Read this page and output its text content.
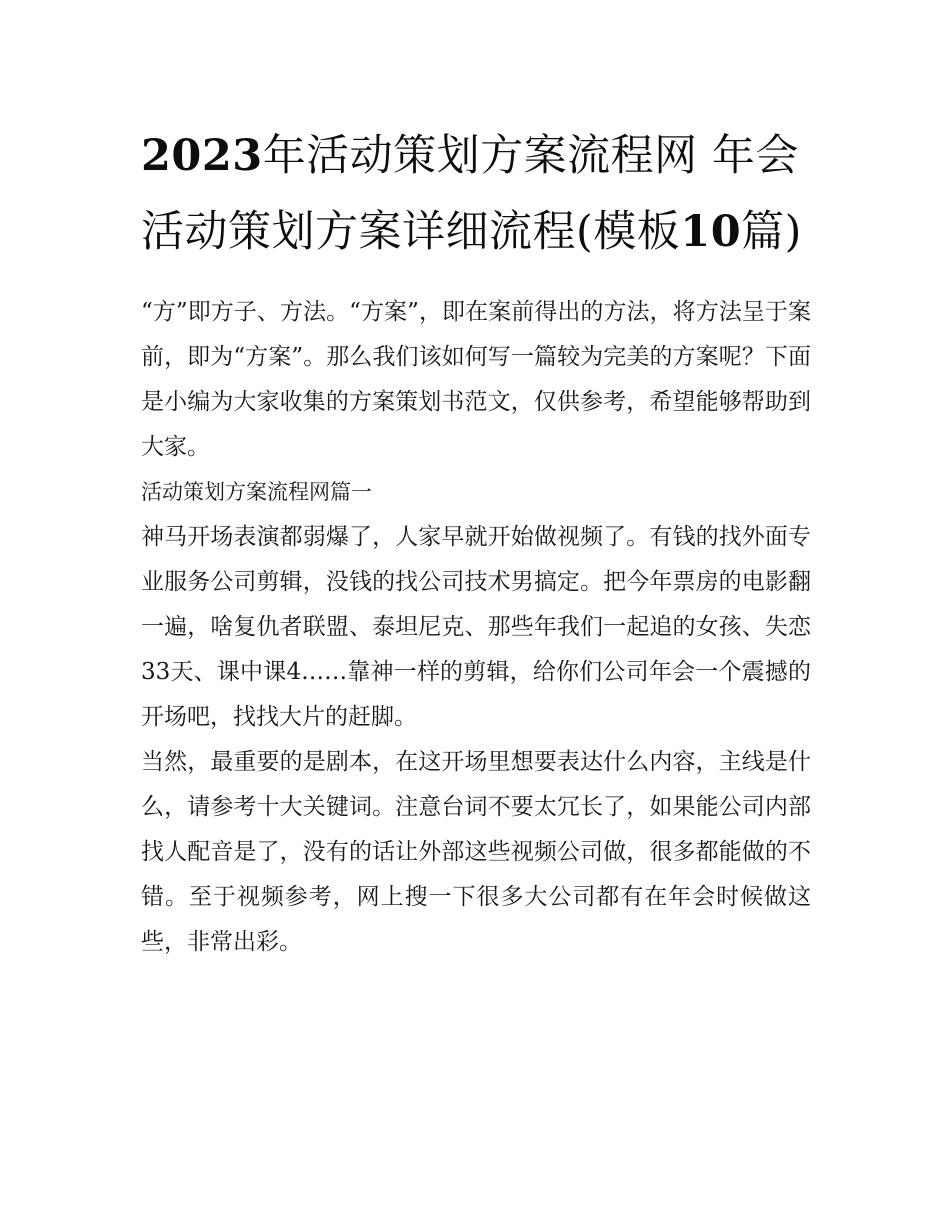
2023年活动策划方案流程网 年会活动策划方案详细流程(模板10篇)

“方”即方子、方法。“方案”，即在案前得出的方法，将方法呈于案前，即为“方案”。那么我们该如何写一篇较为完美的方案呢？下面是小编为大家收集的方案策划书范文，仅供参考，希望能够帮助到大家。

活动策划方案流程网篇一

神马开场表演都弱爆了，人家早就开始做视频了。有钱的找外面专业服务公司剪辑，没钱的找公司技术男搞定。把今年票房的电影翻一遍，啥复仇者联盟、泰坦尼克、那些年我们一起追的女孩、失恋33天、课中课4……靠神一样的剪辑，给你们公司年会一个震撼的开场吧，找找大片的赶脚。

当然，最重要的是剧本，在这开场里想要表达什么内容，主线是什么，请参考十大关键词。注意台词不要太冗长了，如果能公司内部找人配音是了，没有的话让外部这些视频公司做，很多都能做的不错。至于视频参考，网上搜一下很多大公司都有在年会时候做这些，非常出彩。
